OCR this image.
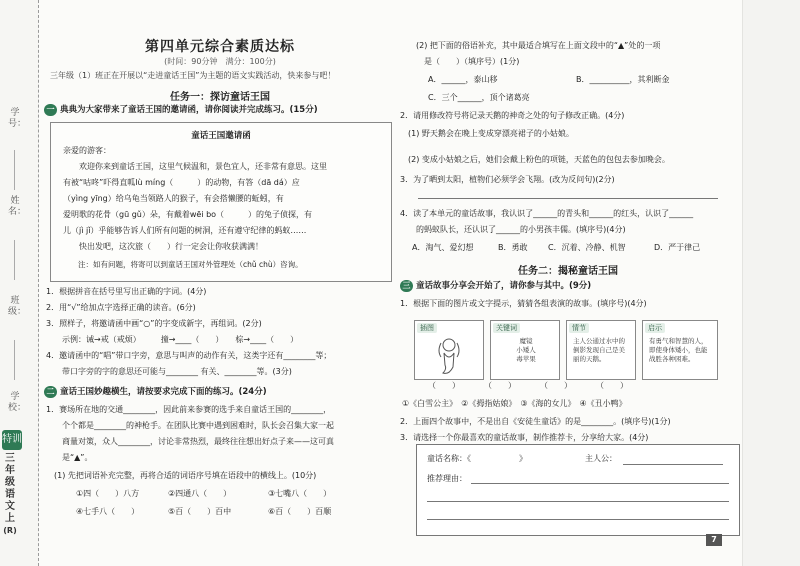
学号：
姓名：
班级：
学校：
特训
三
年
级
语
文
上
(R)
第四单元综合素质达标
(时间：90分钟　满分：100分)
三年级（1）班正在开展以“走进童话王国”为主题的语文实践活动，快来参与吧！
任务一：探访童话王国
一 典典为大家带来了童话王国的邀请函，请你阅读并完成练习。(15分)
童话王国邀请函
亲爱的游客：
　　欢迎你来到童话王国，这里气候温和，景色宜人，还非常有意思。这里
有被“咕咚”吓得直呱lù míng（　　　）的动物，有答（dā dá）应
（yìng yīng）给乌龟当领路人的猴子，有会搭懒腰的蚯蚓，有
爱明歌的花骨（gū gǔ）朵，有戴着wēi bo（　　　）的兔子侦探，有
儿（jì jǐ）乎能够告诉人们所有问题的树洞，还有遵守纪律的蚂蚁……
　　快出发吧，这次旅（　　）行一定会让你收获满满！
　　注：如有问题，将寄可以到童话王国对外管理处（chǔ chù）咨询。
1．根据拼音在括号里写出正确的字词。(4分)
2．用“√”给加点字选择正确的读音。(6分)
3．照样子，将邀请函中画“○”的字变成新字，再组词。(2分)
　　示例：诫→戒（戒烦）　　　撞→____（　　）　　棕→____（　　）
4．邀请函中的“唱”带口字旁，意思与叫声的动作有关，这类字还有________等；
　　带口字旁的字的意思还可能与________ 有关、________等。(3分)
二 童话王国妙趣横生，请按要求完成下面的练习。(24分)
1．赛场所在地的交通________，因此前来参赛的选手来自童话王国的________，
　　个个都是________的神枪手。在团队比赛中遇到困难时，队长会召集大家一起
　　商量对策，众人________，讨论非常热烈，最终往往想出好点子来——这可真
　　是“▲”。
　(1) 先把词语补充完整，再将合适的词语序号填在语段中的横线上。(10分)
①四（　　）八方	②四通八（　　）	③七嘴八（　　）
④七手八（　　）	⑤百（　　）百中	⑥百（　　）百顺
　(2) 把下面的俗语补充，其中最适合填写在上面文段中的“▲”处的一项
　　是（　　）（填序号）(1分)
A．______，泰山移	B．__________，其利断金
C．三个______，顶个诸葛亮
2．请用修改符号将记录天鹅的神奇之处的句子修改正确。(4分)
　(1) 野天鹅会在晚上变成穿漂亮裙子的小姑娘。
　(2) 变成小姑娘之后，她们会戴上粉色的项链，天蓝色的包包去参加晚会。
3．为了晒到太阳，植物们必须学会飞翔。(改为反问句)(2分)
4．读了本单元的童话故事，我认识了______的青头和______的红头，认识了______
　　的蚂蚁队长，还认识了______的小男孩丰儒。(填序号)(4分)
A．淘气、爱幻想	B．勇敢	C．沉着、冷静、机智	D．严于律己
任务二：揭秘童话王国
三 童话故事分享会开始了，请你参与其中。(9分)
1．根据下面的图片或文字提示，猜猜各组表演的故事。(填序号)(4分)
插图	关键词
魔镜
小矮人
毒苹果
情节
主人公通过水中的倒影发现自己是美丽的天鹅。
启示
有勇气和智慧的人，即使身体矮小，也能战胜各种困难。
（　　）　　　　（　　）　　　　（　　）　　　　（　　）
①《白雪公主》　②《拇指姑娘》　③《海的女儿》　④《丑小鸭》
2．上面四个故事中，不是出自《安徒生童话》的是________。(填序号)(1分)
3．请选择一个你最喜欢的童话故事，制作推荐卡，分享给大家。(4分)
童话名称：《　　　　　　》	主人公：
推荐理由：
7
